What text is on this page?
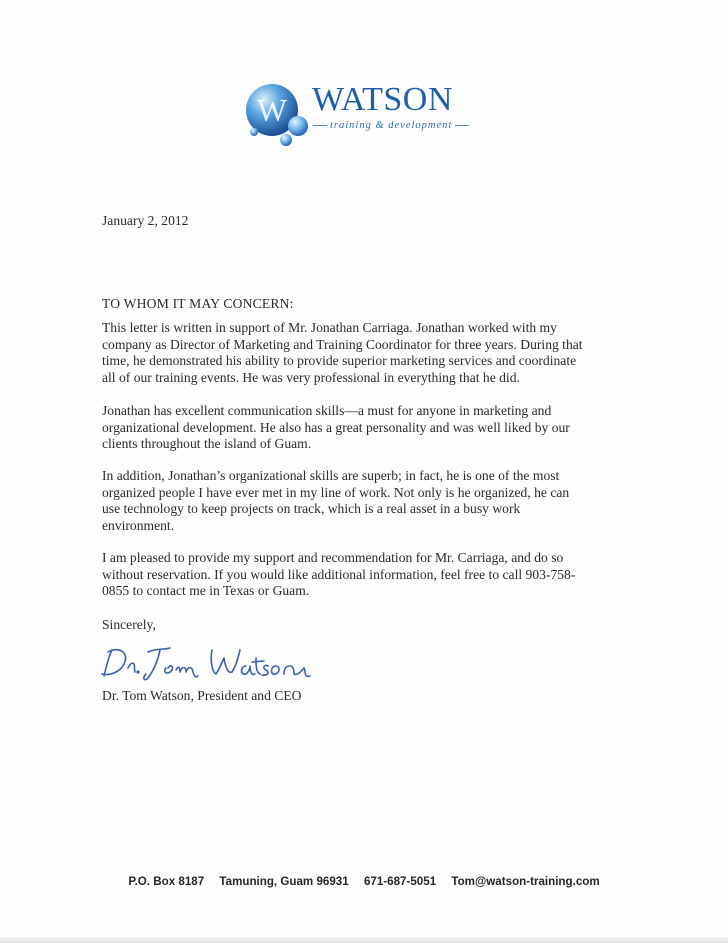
W WATSON
training & development
January 2, 2012
TO WHOM IT MAY CONCERN:
This letter is written in support of Mr. Jonathan Carriaga. Jonathan worked with my
company as Director of Marketing and Training Coordinator for three years. During that
time, he demonstrated his ability to provide superior marketing services and coordinate
all of our training events. He was very professional in everything that he did.
Jonathan has excellent communication skills—a must for anyone in marketing and
organizational development. He also has a great personality and was well liked by our
clients throughout the island of Guam.
In addition, Jonathan’s organizational skills are superb; in fact, he is one of the most
organized people I have ever met in my line of work. Not only is he organized, he can
use technology to keep projects on track, which is a real asset in a busy work
environment.
I am pleased to provide my support and recommendation for Mr. Carriaga, and do so
without reservation. If you would like additional information, feel free to call 903-758-
0855 to contact me in Texas or Guam.
Sincerely,
Dr. Tom Watson, President and CEO
P.O. Box 8187 Tamuning, Guam 96931 671-687-5051 Tom@watson-training.com
